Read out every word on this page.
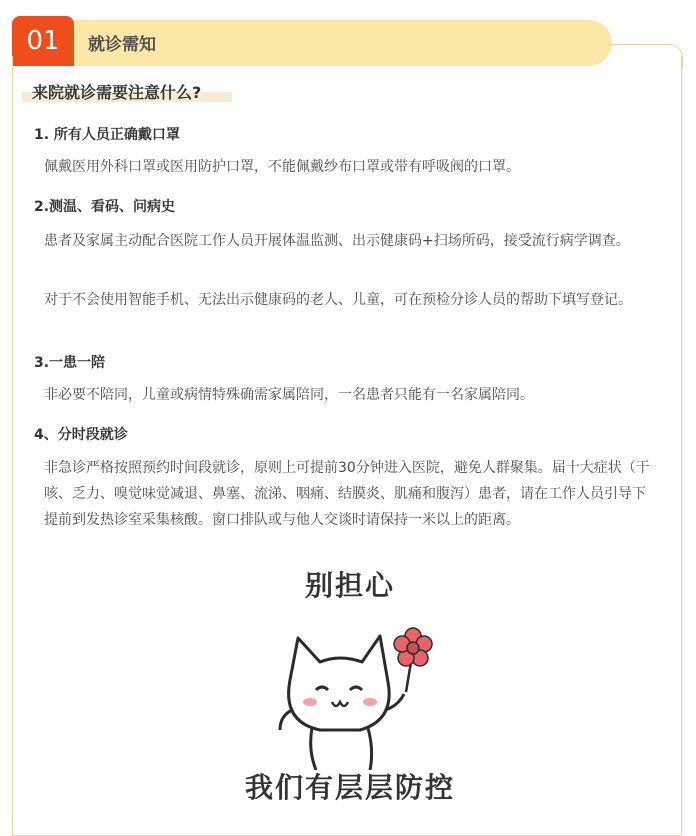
01	就诊需知
来院就诊需要注意什么?
1. 所有人员正确戴口罩
佩戴医用外科口罩或医用防护口罩，不能佩戴纱布口罩或带有呼吸阀的口罩。
2.测温、看码、问病史
患者及家属主动配合医院工作人员开展体温监测、出示健康码+扫场所码，接受流行病学调查。
对于不会使用智能手机、无法出示健康码的老人、儿童，可在预检分诊人员的帮助下填写登记。
3.一患一陪
非必要不陪同，儿童或病情特殊确需家属陪同，一名患者只能有一名家属陪同。
4、分时段就诊
非急诊严格按照预约时间段就诊，原则上可提前30分钟进入医院，避免人群聚集。届十大症状（干咳、乏力、嗅觉味觉减退、鼻塞、流涕、咽痛、结膜炎、肌痛和腹泻）患者，请在工作人员引导下提前到发热诊室采集核酸。窗口排队或与他人交谈时请保持一米以上的距离。
别担心
我们有层层防控
